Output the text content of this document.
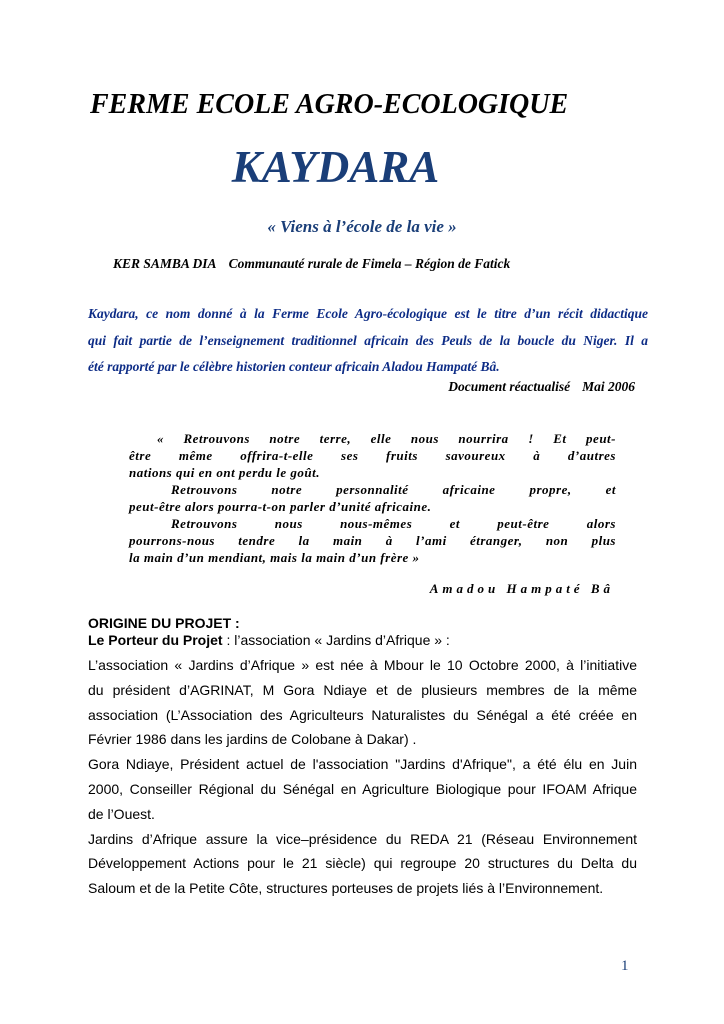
FERME ECOLE AGRO-ECOLOGIQUE
KAYDARA
« Viens à l’école de la vie »
KER SAMBA DIA Communauté rurale de Fimela – Région de Fatick
Kaydara, ce nom donné à la Ferme Ecole Agro-écologique est le titre d’un récit didactique
qui fait partie de l’enseignement traditionnel africain des Peuls de la boucle du Niger. Il a
été rapporté par le célèbre historien conteur africain Aladou Hampaté Bâ.
Document réactualisé Mai 2006
« Retrouvons notre terre, elle nous nourrira ! Et peut-
être même offrira-t-elle ses fruits savoureux à d’autres
nations qui en ont perdu le goût.
Retrouvons notre personnalité africaine propre, et
peut-être alors pourra-t-on parler d’unité africaine.
Retrouvons nous nous-mêmes et peut-être alors
pourrons-nous tendre la main à l’ami étranger, non plus
la main d’un mendiant, mais la main d’un frère »
Amadou Hampaté Bâ
ORIGINE DU PROJET :
Le Porteur du Projet : l’association « Jardins d’Afrique » :
L’association « Jardins d’Afrique » est née à Mbour le 10 Octobre 2000, à l’initiative
du président d’AGRINAT, M Gora Ndiaye et de plusieurs membres de la même
association (L’Association des Agriculteurs Naturalistes du Sénégal a été créée en
Février 1986 dans les jardins de Colobane à Dakar) .
Gora Ndiaye, Président actuel de l'association "Jardins d'Afrique", a été élu en Juin
2000, Conseiller Régional du Sénégal en Agriculture Biologique pour IFOAM Afrique
de l’Ouest.
Jardins d’Afrique assure la vice–présidence du REDA 21 (Réseau Environnement
Développement Actions pour le 21 siècle) qui regroupe 20 structures du Delta du
Saloum et de la Petite Côte, structures porteuses de projets liés à l’Environnement.
1
